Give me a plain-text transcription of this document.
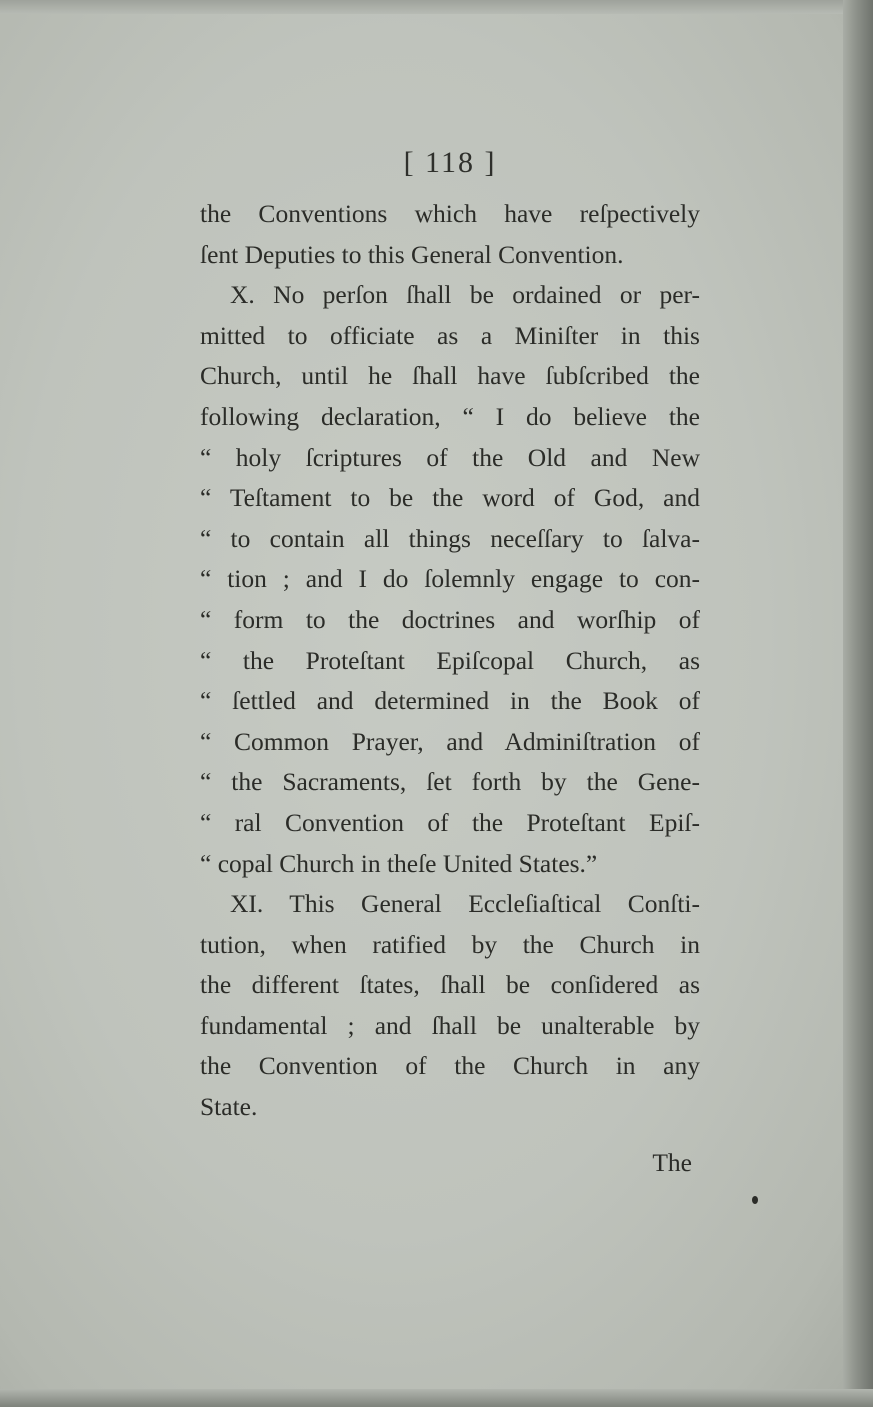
[ 118 ]
the Conventions which have reſpectively
ſent Deputies to this General Convention.
X. No perſon ſhall be ordained or per-
mitted to officiate as a Miniſter in this
Church, until he ſhall have ſubſcribed the
following declaration, “ I do believe the
“ holy ſcriptures of the Old and New
“ Teſtament to be the word of God, and
“ to contain all things neceſſary to ſalva-
“ tion ; and I do ſolemnly engage to con-
“ form to the doctrines and worſhip of
“ the Proteſtant Epiſcopal Church, as
“ ſettled and determined in the Book of
“ Common Prayer, and Adminiſtration of
“ the Sacraments, ſet forth by the Gene-
“ ral Convention of the Proteſtant Epiſ-
“ copal Church in theſe United States.”
XI. This General Eccleſiaſtical Conſti-
tution, when ratified by the Church in
the different ſtates, ſhall be conſidered as
fundamental ; and ſhall be unalterable by
the Convention of the Church in any
State.
The
